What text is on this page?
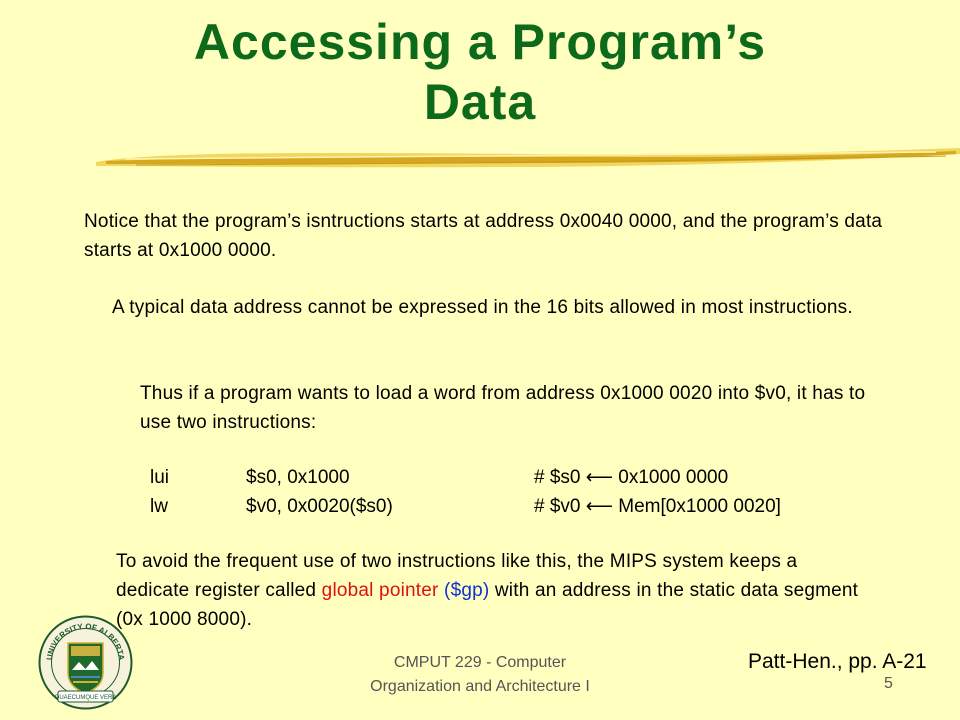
Accessing a Program’s
Data
Notice that the program’s isntructions starts at address 0x0040 0000, and the program’s data starts at 0x1000 0000.
A typical data address cannot be expressed in the 16 bits allowed in most instructions.
Thus if a program wants to load a word from address 0x1000 0020 into $v0, it has to use two instructions:
lui	$s0, 0x1000	# $s0 ⟵ 0x1000 0000
lw	$v0, 0x0020($s0)	# $v0 ⟵ Mem[0x1000 0020]
To avoid the frequent use of two instructions like this, the MIPS system keeps a dedicate register called global pointer ($gp) with an address in the static data segment (0x 1000 8000).
UNIVERSITY OF ALBERTA
QUAECUMQUE VERA
Patt-Hen., pp. A-21
CMPUT 229 - Computer
Organization and Architecture I	5
